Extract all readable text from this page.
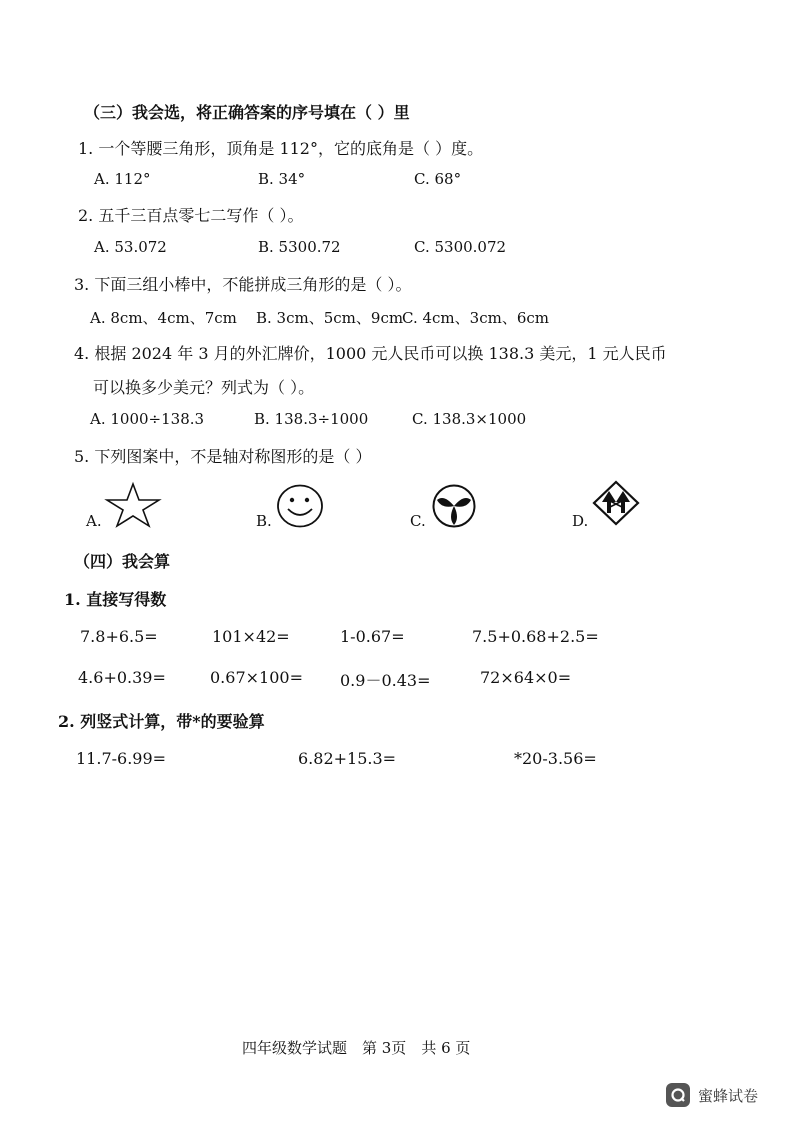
（三）我会选，将正确答案的序号填在（ ）里
1. 一个等腰三角形，顶角是 112°，它的底角是（ ）度。
A. 112°	B. 34°	C. 68°
2. 五千三百点零七二写作（ ）。
A. 53.072	B. 5300.72	C. 5300.072
3. 下面三组小棒中，不能拼成三角形的是（ ）。
A. 8cm、4cm、7cm B. 3cm、5cm、9cm
C. 4cm、3cm、6cm
4. 根据 2024 年 3 月的外汇牌价，1000 元人民币可以换 138.3 美元，1 元人民币
可以换多少美元？列式为（ ）。
A. 1000÷138.3	B. 138.3÷1000	C. 138.3×1000
5. 下列图案中，不是轴对称图形的是（ ）
A.	B.	C.	D.
（四）我会算
1. 直接写得数
7.8+6.5=	101×42=	1-0.67=	7.5+0.68+2.5=
4.6+0.39=	0.67×100= 0.9－0.43=	72×64×0=
2. 列竖式计算，带*的要验算
11.7-6.99=	6.82+15.3=	*20-3.56=
四年级数学试题　第 3页　共 6 页
蜜蜂试卷
